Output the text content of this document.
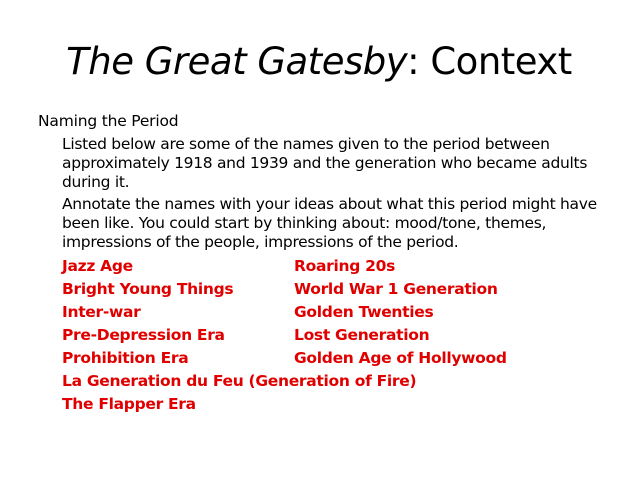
The Great Gatesby: Context
Naming the Period
Listed below are some of the names given to the period between approximately 1918 and 1939 and the generation who became adults during it.
Annotate the names with your ideas about what this period might have been like. You could start by thinking about: mood/tone, themes, impressions of the people, impressions of the period.
Jazz Age	Roaring 20s
Bright Young Things	World War 1 Generation
Inter-war	Golden Twenties
Pre-Depression Era	Lost Generation
Prohibition Era	Golden Age of Hollywood
La Generation du Feu (Generation of Fire)
The Flapper Era
